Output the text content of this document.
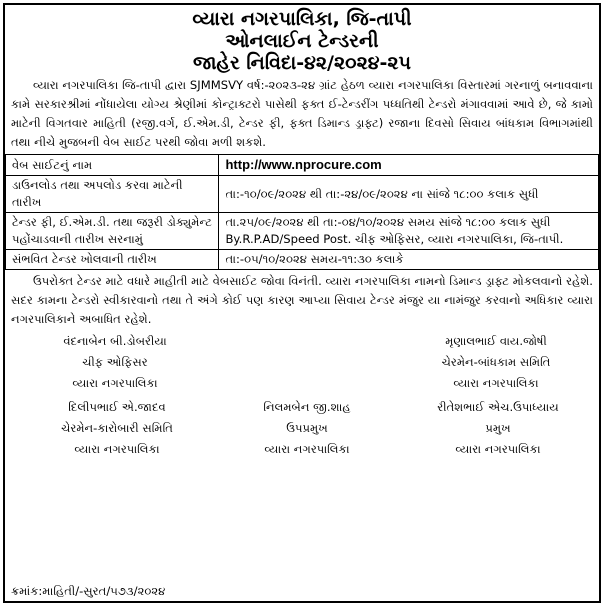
વ્યારા નગરપાલિકા, જિ-તાપી
ઓનલાઈન ટેન્ડરની
જાહેર નિવિદા-૪૨/૨૦૨૪-૨૫

વ્યારા નગરપાલિકા જિ-તાપી દ્વારા SJMMSVY વર્ષ:-૨૦૨૩-૨૪ ગ્રાંટ હેઠળ વ્યારા નગરપાલિકા વિસ્તારમાં ગરનાળું બનાવવાના કામે સરકારશ્રીમાં નોંધાયેલા યોગ્ય શ્રેણીમાં કોન્ટ્રાક્ટરો પાસેથી ફક્ત ઈ-ટેન્ડરીંગ પધ્ધતિથી ટેન્ડરો મંગાવવામાં આવે છે, જે કામો માટેની વિગતવાર માહિતી (રજી.વર્ગ, ઈ.એમ.ડી, ટેન્ડર ફી, ફક્ત ડિમાન્ડ ડ્રાફ્ટ) રજાના દિવસો સિવાય બાંધકામ વિભાગમાંથી તથા નીચે મુજબની વેબ સાઈટ પરથી જોવા મળી શકશે.

વેબ સાઈટનું નામ	http://www.nprocure.com
ડાઉનલોડ તથા અપલોડ કરવા માટેની તારીખ	તા:-૧૦/૦૯/૨૦૨૪ થી તા:-૨૪/૦૯/૨૦૨૪ ના સાંજે ૧૮:૦૦ કલાક સુધી
ટેન્ડર ફી, ઈ.એમ.ડી. તથા જરૂરી ડોક્યુમેન્ટ પહોંચાડવાની તારીખ સરનામું	તા.૨૫/૦૯/૨૦૨૪ થી તા:-૦૪/૧૦/૨૦૨૪ સમય સાંજે ૧૮:૦૦ કલાક સુધી By.R.P.AD/Speed Post. ચીફ ઓફિસર, વ્યારા નગરપાલિકા, જિ-તાપી.
સંભવિત ટેન્ડર ખોલવાની તારીખ	તા:-૦૫/૧૦/૨૦૨૪ સમય-૧૧:૩૦ કલાકે

ઉપરોક્ત ટેન્ડર માટે વધારે માહીતી માટે વેબસાઈટ જોવા વિનંતી. વ્યારા નગરપાલિકા નામનો ડિમાન્ડ ડ્રાફ્ટ મોકલવાનો રહેશે. સદર કામના ટેન્ડરો સ્વીકારવાનો તથા તે અંગે કોઈ પણ કારણ આપ્યા સિવાય ટેન્ડર મંજુર યા નામંજુર કરવાનો અધિકાર વ્યારા નગરપાલિકાને અબાધિત રહેશે.

વંદનાબેન બી.ડોબરીયા
ચીફ ઓફિસર
વ્યારા નગરપાલિકા
મૃણાલભાઈ વાય.જોષી
ચેરમેન-બાંધકામ સમિતિ
વ્યારા નગરપાલિકા
દિલીપભાઈ એ.જાદવ
ચેરમેન-કારોબારી સમિતિ
વ્યારા નગરપાલિકા
નિલમબેન જી.શાહ
ઉપપ્રમુખ
વ્યારા નગરપાલિકા
રીતેશભાઈ એચ.ઉપાધ્યાય
પ્રમુખ
વ્યારા નગરપાલિકા
ક્રમાંક:માહિતી/-સુરત/૫૭૩/૨૦૨૪
